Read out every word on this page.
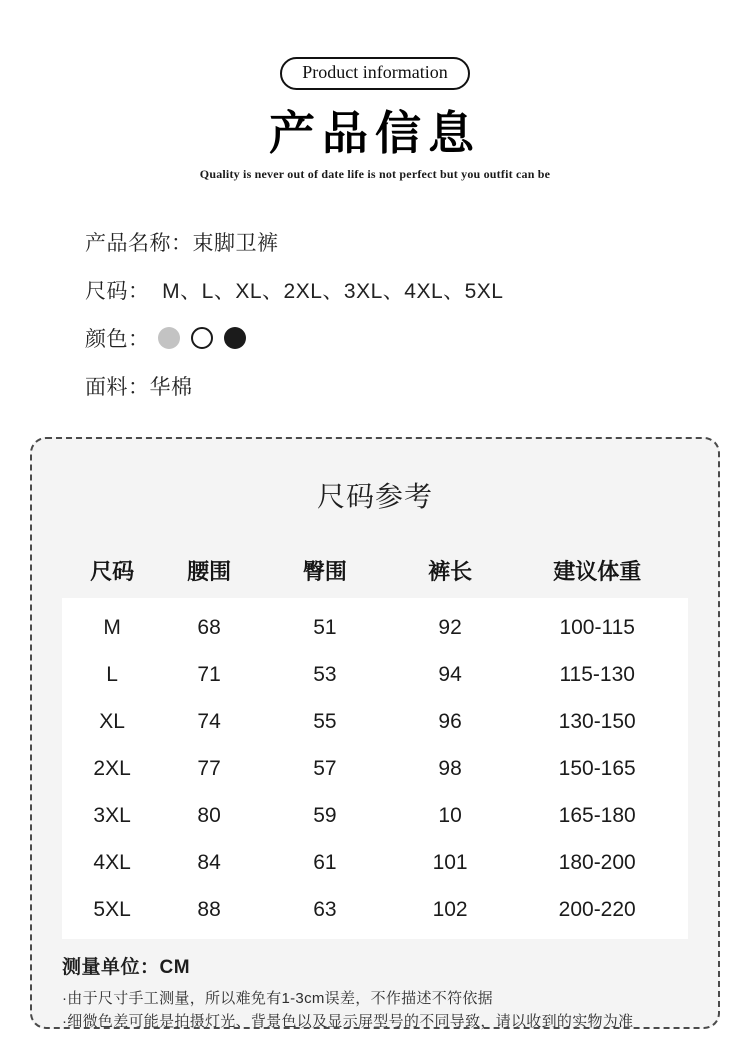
Product information
产品信息
Quality is never out of date life is not perfect but you outfit can be
产品名称： 束脚卫裤
尺码： M、L、XL、2XL、3XL、4XL、5XL
颜色：
面料： 华棉
尺码参考
尺码	腰围	臀围	裤长	建议体重
M	68	51	92	100-115
L	71	53	94	115-130
XL	74	55	96	130-150
2XL	77	57	98	150-165
3XL	80	59	10	165-180
4XL	84	61	101	180-200
5XL	88	63	102	200-220
测量单位：CM
·由于尺寸手工测量，所以难免有1-3cm误差，不作描述不符依据
·细微色差可能是拍摄灯光、背景色以及显示屏型号的不同导致，请以收到的实物为准
